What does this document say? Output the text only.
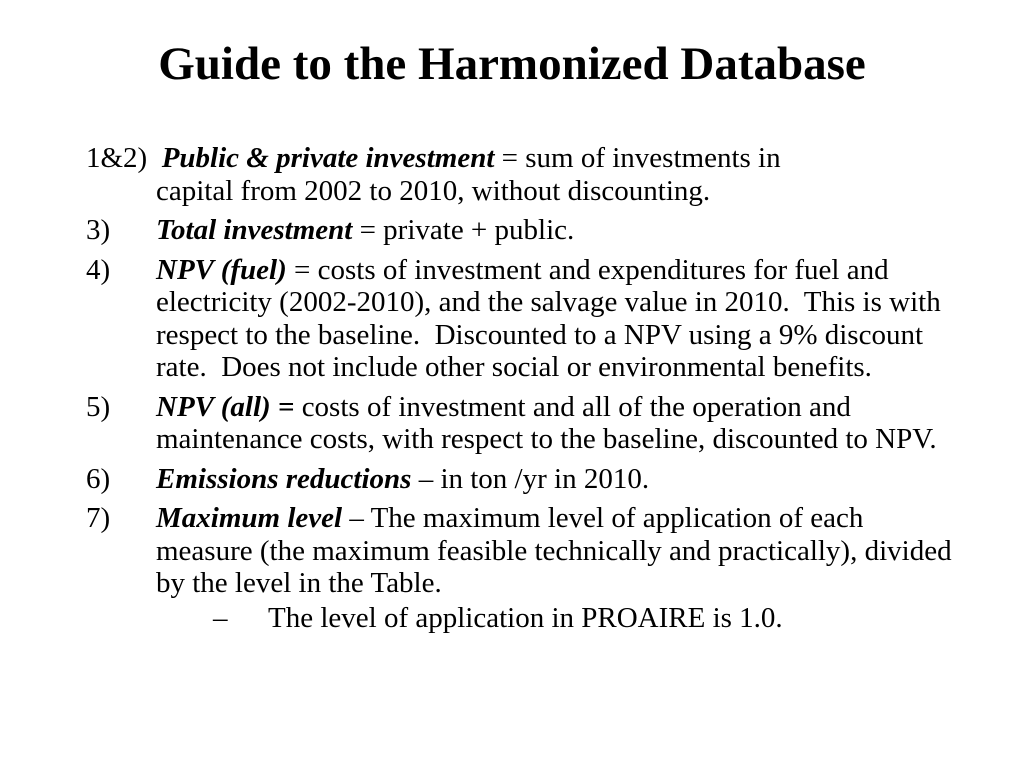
Guide to the Harmonized Database
1&2) Public & private investment = sum of investments in
capital from 2002 to 2010, without discounting.
3) Total investment = private + public.
4) NPV (fuel) = costs of investment and expenditures for fuel and electricity (2002-2010), and the salvage value in 2010.  This is with respect to the baseline.  Discounted to a NPV using a 9% discount rate.  Does not include other social or environmental benefits.
5) NPV (all) = costs of investment and all of the operation and maintenance costs, with respect to the baseline, discounted to NPV.
6) Emissions reductions – in ton /yr in 2010.
7) Maximum level – The maximum level of application of each measure (the maximum feasible technically and practically), divided by the level in the Table.
– The level of application in PROAIRE is 1.0.
